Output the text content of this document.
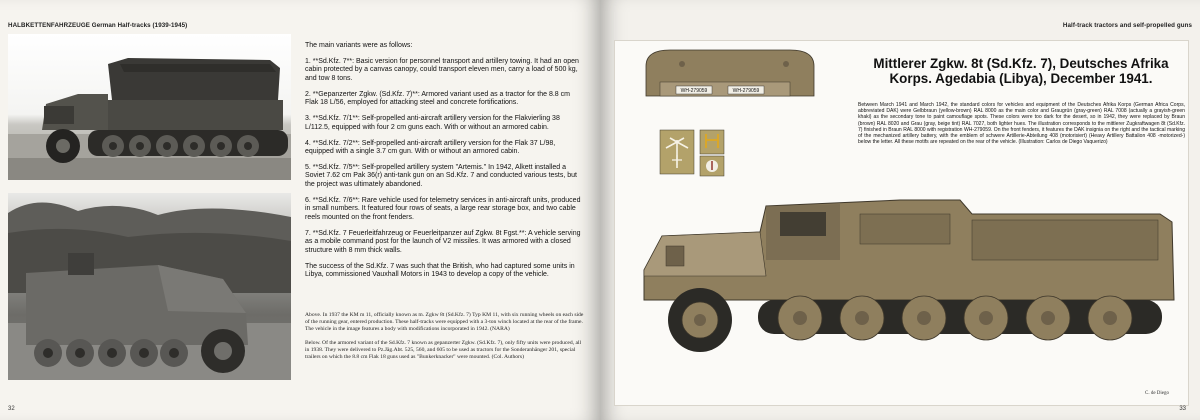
HALBKETTENFAHRZEUGE German Half-tracks (1939-1945)

The main variants were as follows:

1. **Sd.Kfz. 7**: Basic version for personnel transport and artillery towing. It had an open cabin protected by a canvas canopy, could transport eleven men, carry a load of 500 kg, and tow 8 tons.

2. **Gepanzerter Zgkw. (Sd.Kfz. 7)**: Armored variant used as a tractor for the 8.8 cm Flak 18 L/56, employed for attacking steel and concrete fortifications.

3. **Sd.Kfz. 7/1**: Self-propelled anti-aircraft artillery version for the Flakvierling 38 L/112.5, equipped with four 2 cm guns each. With or without an armored cabin.

4. **Sd.Kfz. 7/2**: Self-propelled anti-aircraft artillery version for the Flak 37 L/98, equipped with a single 3.7 cm gun. With or without an armored cabin.

5. **Sd.Kfz. 7/5**: Self-propelled artillery system "Artemis." In 1942, Alkett installed a Soviet 7.62 cm Pak 36(r) anti-tank gun on an Sd.Kfz. 7 and conducted various tests, but the project was ultimately abandoned.

6. **Sd.Kfz. 7/6**: Rare vehicle used for telemetry services in anti-aircraft units, produced in small numbers. It featured four rows of seats, a large rear storage box, and two cable reels mounted on the front fenders.

7. **Sd.Kfz. 7 Feuerleitfahrzeug or Feuerleitpanzer auf Zgkw. 8t Fgst.**: A vehicle serving as a mobile command post for the launch of V2 missiles. It was armored with a closed structure with 8 mm thick walls.

The success of the Sd.Kfz. 7 was such that the British, who had captured some units in Libya, commissioned Vauxhall Motors in 1943 to develop a copy of the vehicle.

Above. In 1937 the KM m 11, officially known as m. Zgkw 8t (Sd.Kfz. 7) Typ KM 11, with six running wheels on each side of the running gear, entered production. These half-tracks were equipped with a 3-ton winch located at the rear of the frame. The vehicle in the image features a body with modifications incorporated in 1942. (NARA)

Below. Of the armored variant of the Sd.Kfz. 7 known as gepanzerter Zgkw. (Sd.Kfz. 7), only fifty units were produced, all in 1938. They were delivered to Pz.Jäg.Abt. 525, 560, and 605 to be used as tractors for the Sonderanhänger 201, special trailers on which the 8.8 cm Flak 18 guns used as "Bunkerknacker" were mounted. (Col. Authors)

32
Half-track tractors and self-propelled guns
WH-279059	WH-279059
33
Mittlerer Zgkw. 8t (Sd.Kfz. 7), Deutsches Afrika Korps. Agedabia (Libya), December 1941.
Between March 1941 and March 1942, the standard colors for vehicles and equipment of the Deutsches Afrika Korps (German Africa Corps, abbreviated DAK) were Gelbbraun (yellow-brown) RAL 8000 as the main color and Graugrün (gray-green) RAL 7008 (actually a grayish-green khaki) as the secondary tone to paint camouflage spots. These colors were too dark for the desert, so in 1942, they were replaced by Braun (brown) RAL 8020 and Grau (gray, beige tint) RAL 7027, both lighter hues. The illustration corresponds to the mittlerer Zugkraftwagen 8t (Sd.Kfz. 7) finished in Braun RAL 8000 with registration WH-279059. On the front fenders, it features the DAK insignia on the right and the tactical marking of the mechanized artillery battery, with the emblem of schwere Artillerie-Abteilung 408 (motorisiert) (Heavy Artillery Battalion 408 -motorized-) below the letter. All these motifs are repeated on the rear of the vehicle. (Illustration: Carlos de Diego Vaquerizo)
C. de Diego
